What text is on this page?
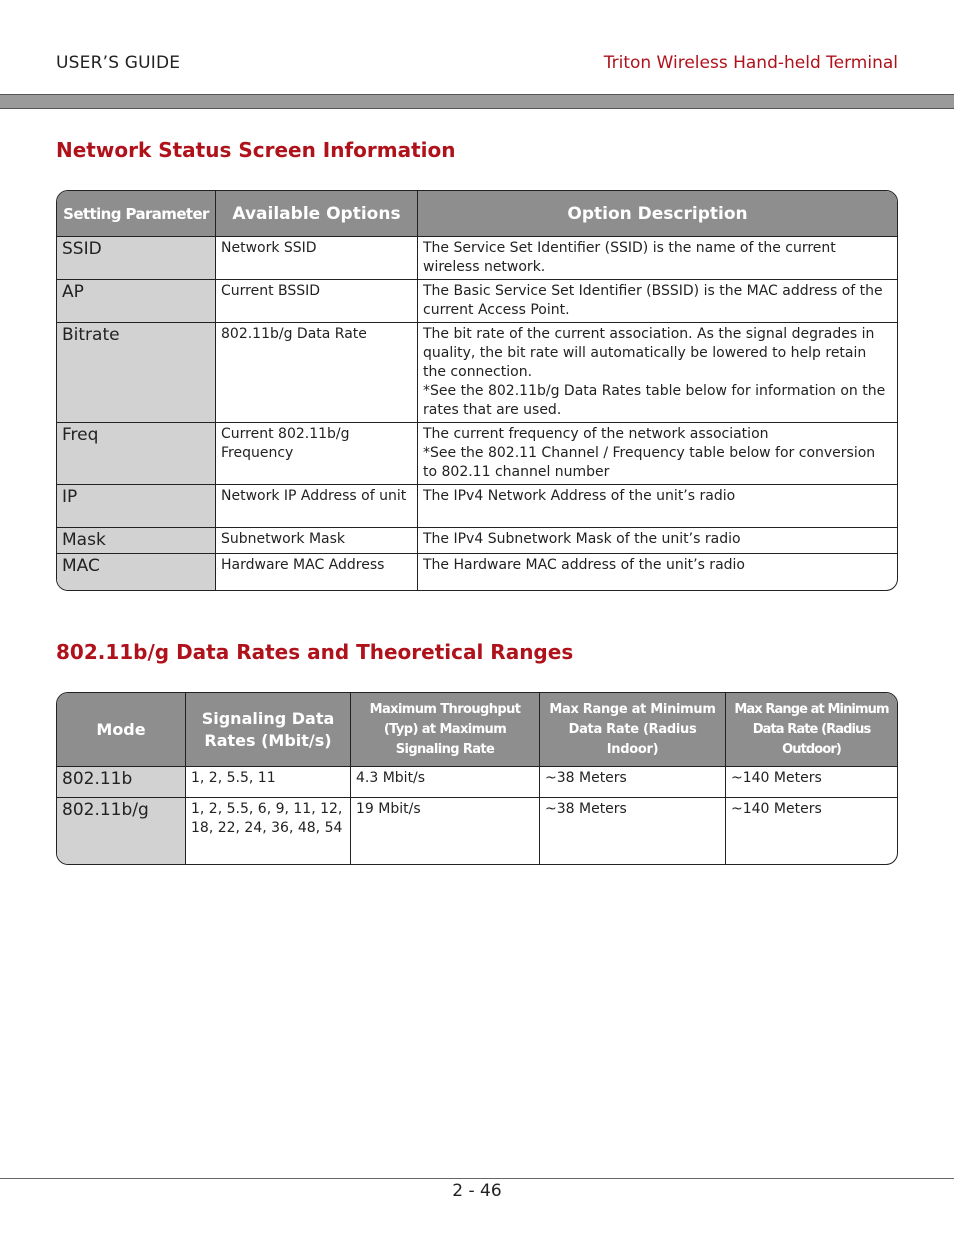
USER’S GUIDE	Triton Wireless Hand-held Terminal
Network Status Screen Information
Setting Parameter	Available Options	Option Description
SSID	Network SSID	The Service Set Identifier (SSID) is the name of the current wireless network.
AP	Current BSSID	The Basic Service Set Identifier (BSSID) is the MAC address of the current Access Point.
Bitrate	802.11b/g Data Rate	The bit rate of the current association. As the signal degrades in quality, the bit rate will automatically be lowered to help retain the connection.
*See the 802.11b/g Data Rates table below for information on the rates that are used.

Freq	Current 802.11b/g Frequency	The current frequency of the network association
*See the 802.11 Channel / Frequency table below for conversion to 802.11 channel number

IP	Network IP Address of unit	The IPv4 Network Address of the unit’s radio
Mask	Subnetwork Mask	The IPv4 Subnetwork Mask of the unit’s radio
MAC	Hardware MAC Address	The Hardware MAC address of the unit’s radio
802.11b/g Data Rates and Theoretical Ranges
Mode	Signaling Data Rates (Mbit/s)	Maximum Throughput (Typ) at Maximum Signaling Rate	Max Range at Minimum Data Rate (Radius Indoor)	Max Range at Minimum Data Rate (Radius Outdoor)
802.11b	1, 2, 5.5, 11	4.3 Mbit/s	~38 Meters	~140 Meters
802.11b/g	1, 2, 5.5, 6, 9, 11, 12, 18, 22, 24, 36, 48, 54	19 Mbit/s	~38 Meters	~140 Meters
2 - 46
